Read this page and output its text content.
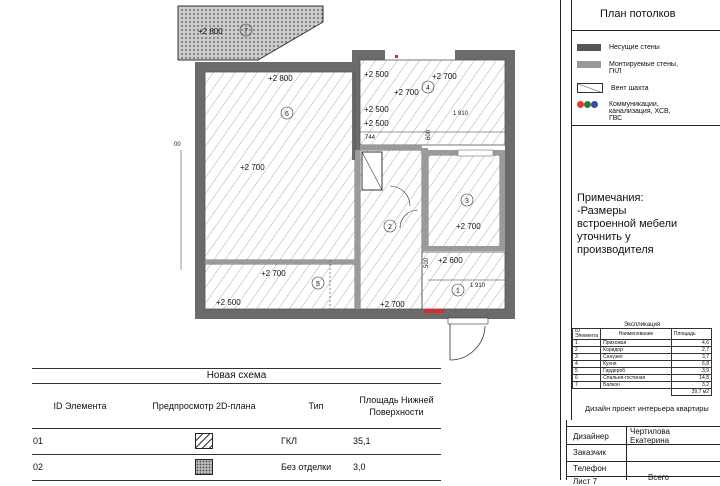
7
6
4
2
3
5
1
+2 800
+2 800	+2 500	+2 700
+2 700
+2 500
+2 700
+2 700
+2 600
+2 700
+2 500
+2 700
+2 500
744	600
1 910
500
1 910
00
План потолков
Несущие стены
Монтируемые стены, ГКЛ
Вент шахта
Коммуникации, канализация, ХСВ, ГВС
Примечания:
-Размеры
встроенной мебели
уточнить у
производителя
Экспликация
ID Элемента	Наименование	Площадь
1	Прихожая	4,6
2	Коридор	2,7
3	Санузел	3,7
4	Кухня	6,8
5	Гардероб	3,9
6	Спальня-гостиная	14,8
7	Балкон	3,2
		39,7 м2
Дизайн проект интерьера квартиры
Дизайнер
Чертилова Екатерина
Заказчик
Телефон
Лист 7	Всего
Новая схема
ID Элемента	Предпросмотр 2D-плана	Тип	Площадь Нижней Поверхности
01		ГКЛ	35,1
02		Без отделки	3,0
